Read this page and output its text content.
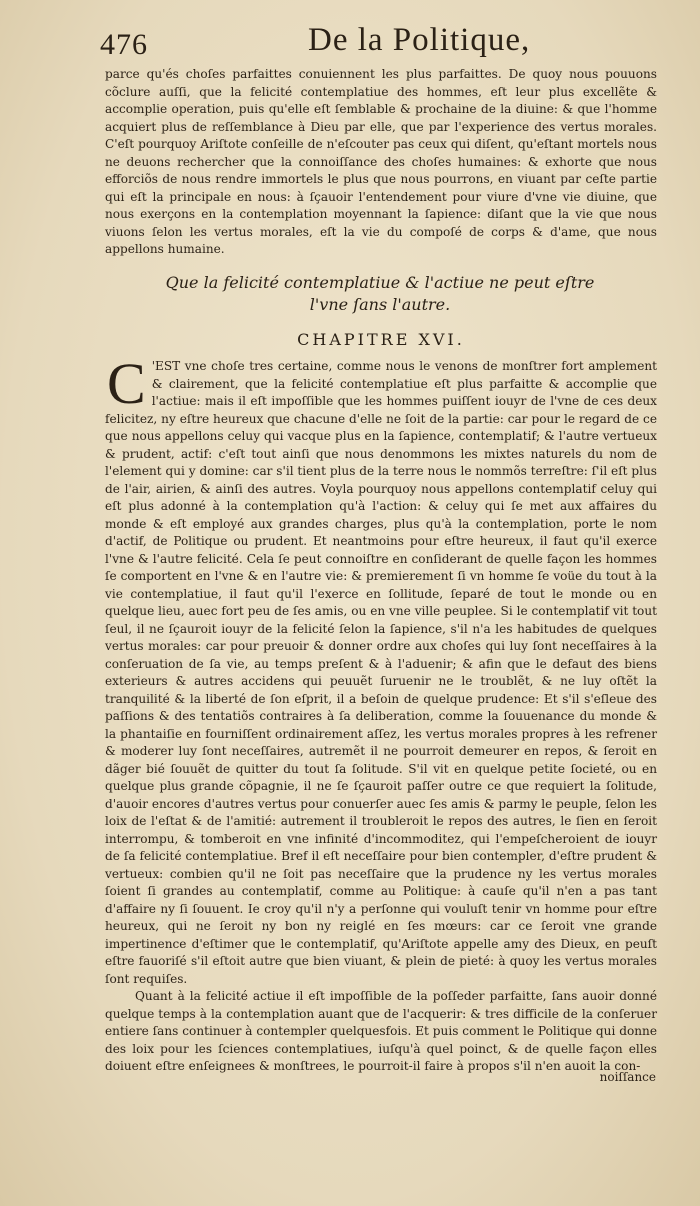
476	De la Politique,

parce qu'és choſes parfaittes conuiennent les plus parfaittes. De quoy nous pouuons cõclure auſſi, que la felicité contemplatiue des hommes, eſt leur plus excellẽte & accomplie operation, puis qu'elle eſt ſemblable & prochaine de la diuine: & que l'homme acquiert plus de reſſemblance à Dieu par elle, que par l'experience des vertus morales. C'eſt pourquoy Ariſtote conſeille de n'eſcouter pas ceux qui diſent, qu'eſtant mortels nous ne deuons rechercher que la connoiſſance des choſes humaines: & exhorte que nous efforciõs de nous rendre immortels le plus que nous pourrons, en viuant par ceſte partie qui eſt la principale en nous: à ſçauoir l'entendement pour viure d'vne vie diuine, que nous exerçons en la contemplation moyennant la ſapience: diſant que la vie que nous viuons ſelon les vertus morales, eſt la vie du compoſé de corps & d'ame, que nous appellons humaine.

Que la felicité contemplatiue & l'actiue ne peut eſtre
l'vne ſans l'autre.
CHAPITRE XVI.

C 'EST vne choſe tres certaine, comme nous le venons de monſtrer fort amplement & clairement, que la felicité contemplatiue eſt plus parfaitte & accomplie que l'actiue: mais il eſt impoſſible que les hommes puiſſent iouyr de l'vne de ces deux felicitez, ny eſtre heureux que chacune d'elle ne ſoit de la partie: car pour le regard de ce que nous appellons celuy qui vacque plus en la ſapience, contemplatif; & l'autre vertueux & prudent, actif: c'eſt tout ainſi que nous denommons les mixtes naturels du nom de l'element qui y domine: car s'il tient plus de la terre nous le nommõs terreſtre: ſ'il eſt plus de l'air, airien, & ainſi des autres. Voyla pourquoy nous appellons contemplatif celuy qui eſt plus adonné à la contemplation qu'à l'action: & celuy qui ſe met aux affaires du monde & eſt employé aux grandes charges, plus qu'à la contemplation, porte le nom d'actif, de Politique ou prudent. Et neantmoins pour eſtre heureux, il faut qu'il exerce l'vne & l'autre felicité. Cela ſe peut connoiſtre en conſiderant de quelle façon les hommes ſe comportent en l'vne & en l'autre vie: & premierement ſi vn homme ſe voüe du tout à la vie contemplatiue, il faut qu'il l'exerce en ſollitude, ſeparé de tout le monde ou en quelque lieu, auec fort peu de ſes amis, ou en vne ville peuplee. Si le contemplatif vit tout ſeul, il ne ſçauroit iouyr de la felicité ſelon la ſapience, s'il n'a les habitudes de quelques vertus morales: car pour preuoir & donner ordre aux choſes qui luy ſont neceſſaires à la conſeruation de ſa vie, au temps preſent & à l'aduenir; & afin que le defaut des biens exterieurs & autres accidens qui peuuẽt ſuruenir ne le troublẽt, & ne luy oſtẽt la tranquilité & la liberté de ſon eſprit, il a beſoin de quelque prudence: Et s'il s'eſleue des paſſions & des tentatiõs contraires à ſa deliberation, comme la ſouuenance du monde & la phantaiſie en fourniſſent ordinairement aſſez, les vertus morales propres à les refrener & moderer luy ſont neceſſaires, autremẽt il ne pourroit demeurer en repos, & ſeroit en dãger bié ſouuẽt de quitter du tout ſa ſolitude. S'il vit en quelque petite ſocieté, ou en quelque plus grande cõpagnie, il ne ſe ſçauroit paſſer outre ce que requiert la ſolitude, d'auoir encores d'autres vertus pour conuerſer auec ſes amis & parmy le peuple, ſelon les loix de l'eſtat & de l'amitié: autrement il troubleroit le repos des autres, le ſien en ſeroit interrompu, & tomberoit en vne infinité d'incommoditez, qui l'empeſcheroient de iouyr de ſa felicité contemplatiue. Bref il eſt neceſſaire pour bien contempler, d'eſtre prudent & vertueux: combien qu'il ne ſoit pas neceſſaire que la prudence ny les vertus morales ſoient ſi grandes au contemplatif, comme au Politique: à cauſe qu'il n'en a pas tant d'affaire ny ſi ſouuent. Ie croy qu'il n'y a perſonne qui vouluſt tenir vn homme pour eſtre heureux, qui ne ſeroit ny bon ny reiglé en ſes mœurs: car ce ſeroit vne grande impertinence d'eſtimer que le contemplatif, qu'Ariſtote appelle amy des Dieux, en peuſt eſtre fauoriſé s'il eſtoit autre que bien viuant, & plein de pieté: à quoy les vertus morales ſont requiſes.

Quant à la felicité actiue il eſt impoſſible de la poſſeder parfaitte, ſans auoir donné quelque temps à la contemplation auant que de l'acquerir: & tres difficile de la conſeruer entiere ſans continuer à contempler quelquesfois. Et puis comment le Politique qui donne des loix pour les ſciences contemplatiues, iuſqu'à quel poinct, & de quelle façon elles doiuent eſtre enſeignees & monſtrees, le pourroit-il faire à propos s'il n'en auoit la con-

noiſſance
